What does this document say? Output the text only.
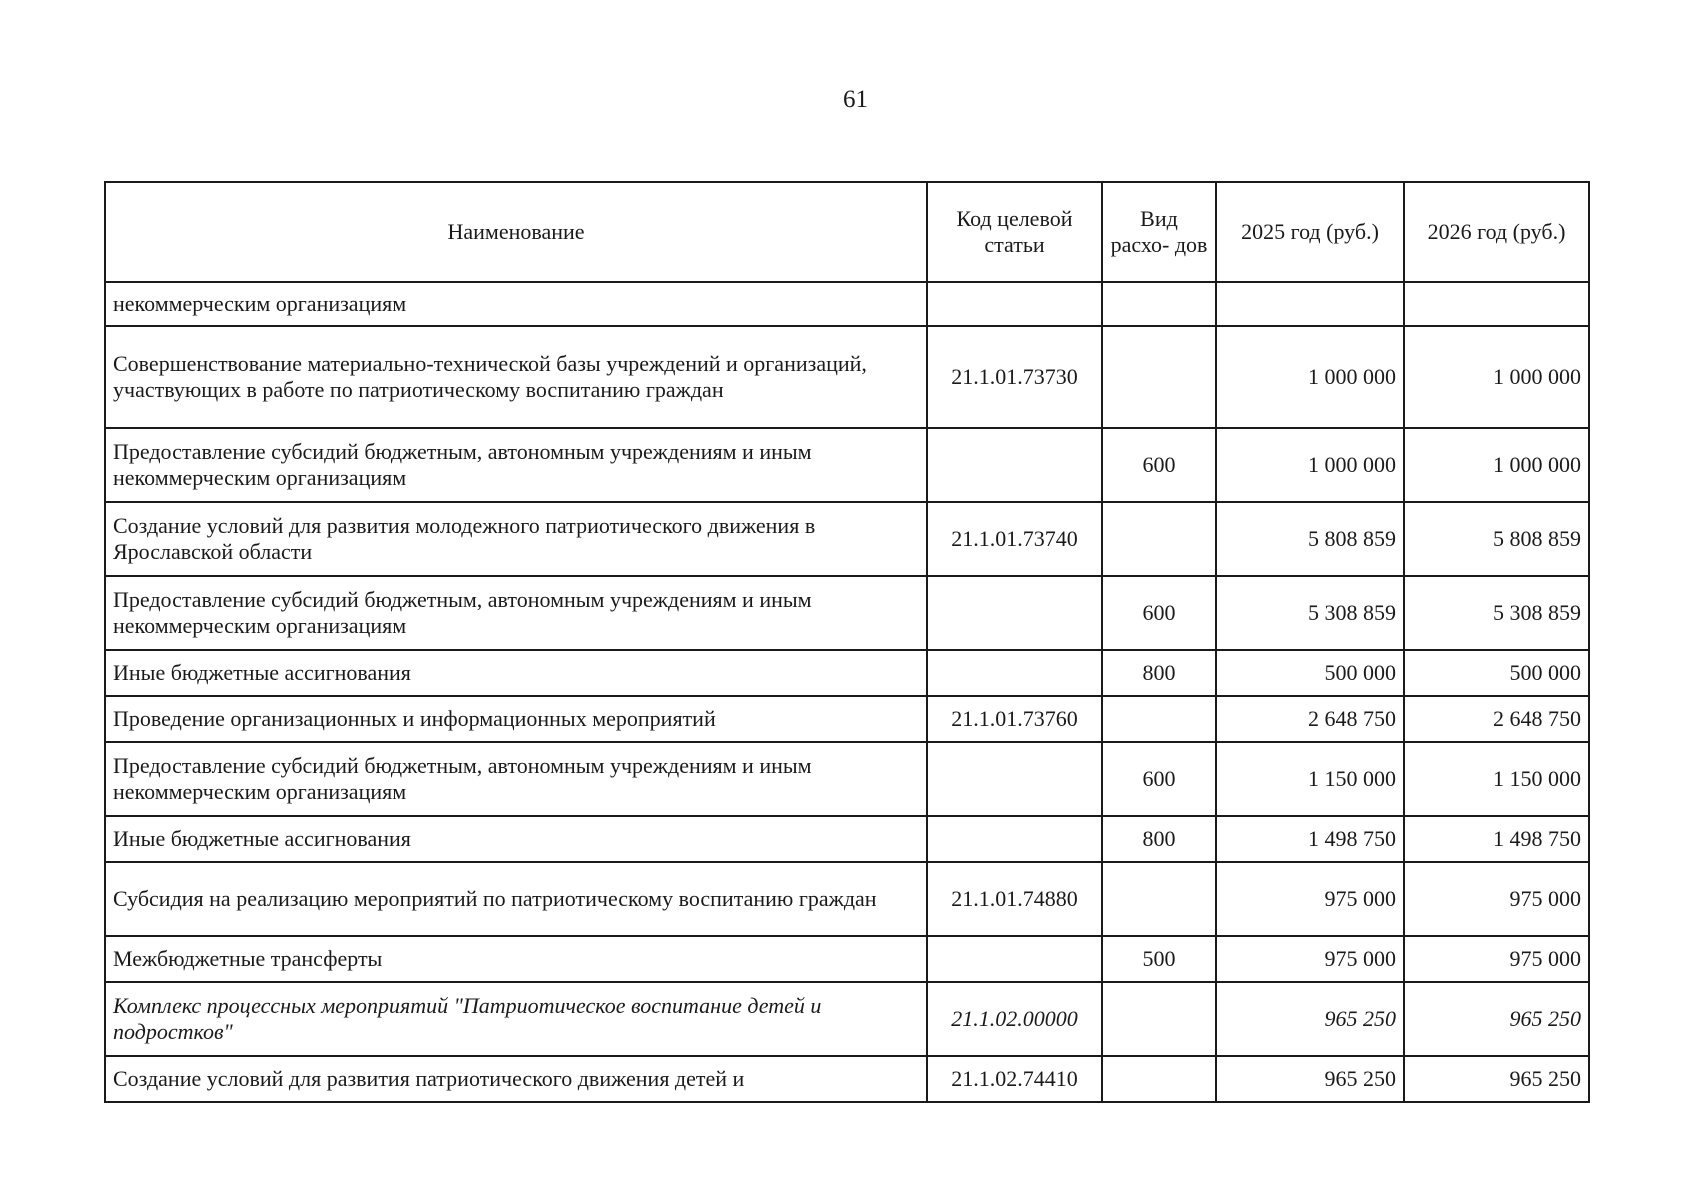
61
Наименование	Код целевой статьи	Вид расхо- дов	2025 год (руб.)	2026 год (руб.)
некоммерческим организациям				
Совершенствование материально-технической базы учреждений и организаций, участвующих в работе по патриотическому воспитанию граждан	21.1.01.73730		1 000 000	1 000 000
Предоставление субсидий бюджетным, автономным учреждениям и иным некоммерческим организациям		600	1 000 000	1 000 000
Создание условий для развития молодежного патриотического движения в Ярославской области	21.1.01.73740		5 808 859	5 808 859
Предоставление субсидий бюджетным, автономным учреждениям и иным некоммерческим организациям		600	5 308 859	5 308 859
Иные бюджетные ассигнования		800	500 000	500 000
Проведение организационных и информационных мероприятий	21.1.01.73760		2 648 750	2 648 750
Предоставление субсидий бюджетным, автономным учреждениям и иным некоммерческим организациям		600	1 150 000	1 150 000
Иные бюджетные ассигнования		800	1 498 750	1 498 750
Субсидия на реализацию мероприятий по патриотическому воспитанию граждан	21.1.01.74880		975 000	975 000
Межбюджетные трансферты		500	975 000	975 000
Комплекс процессных мероприятий "Патриотическое воспитание детей и подростков"	21.1.02.00000		965 250	965 250
Создание условий для развития патриотического движения детей и	21.1.02.74410		965 250	965 250
